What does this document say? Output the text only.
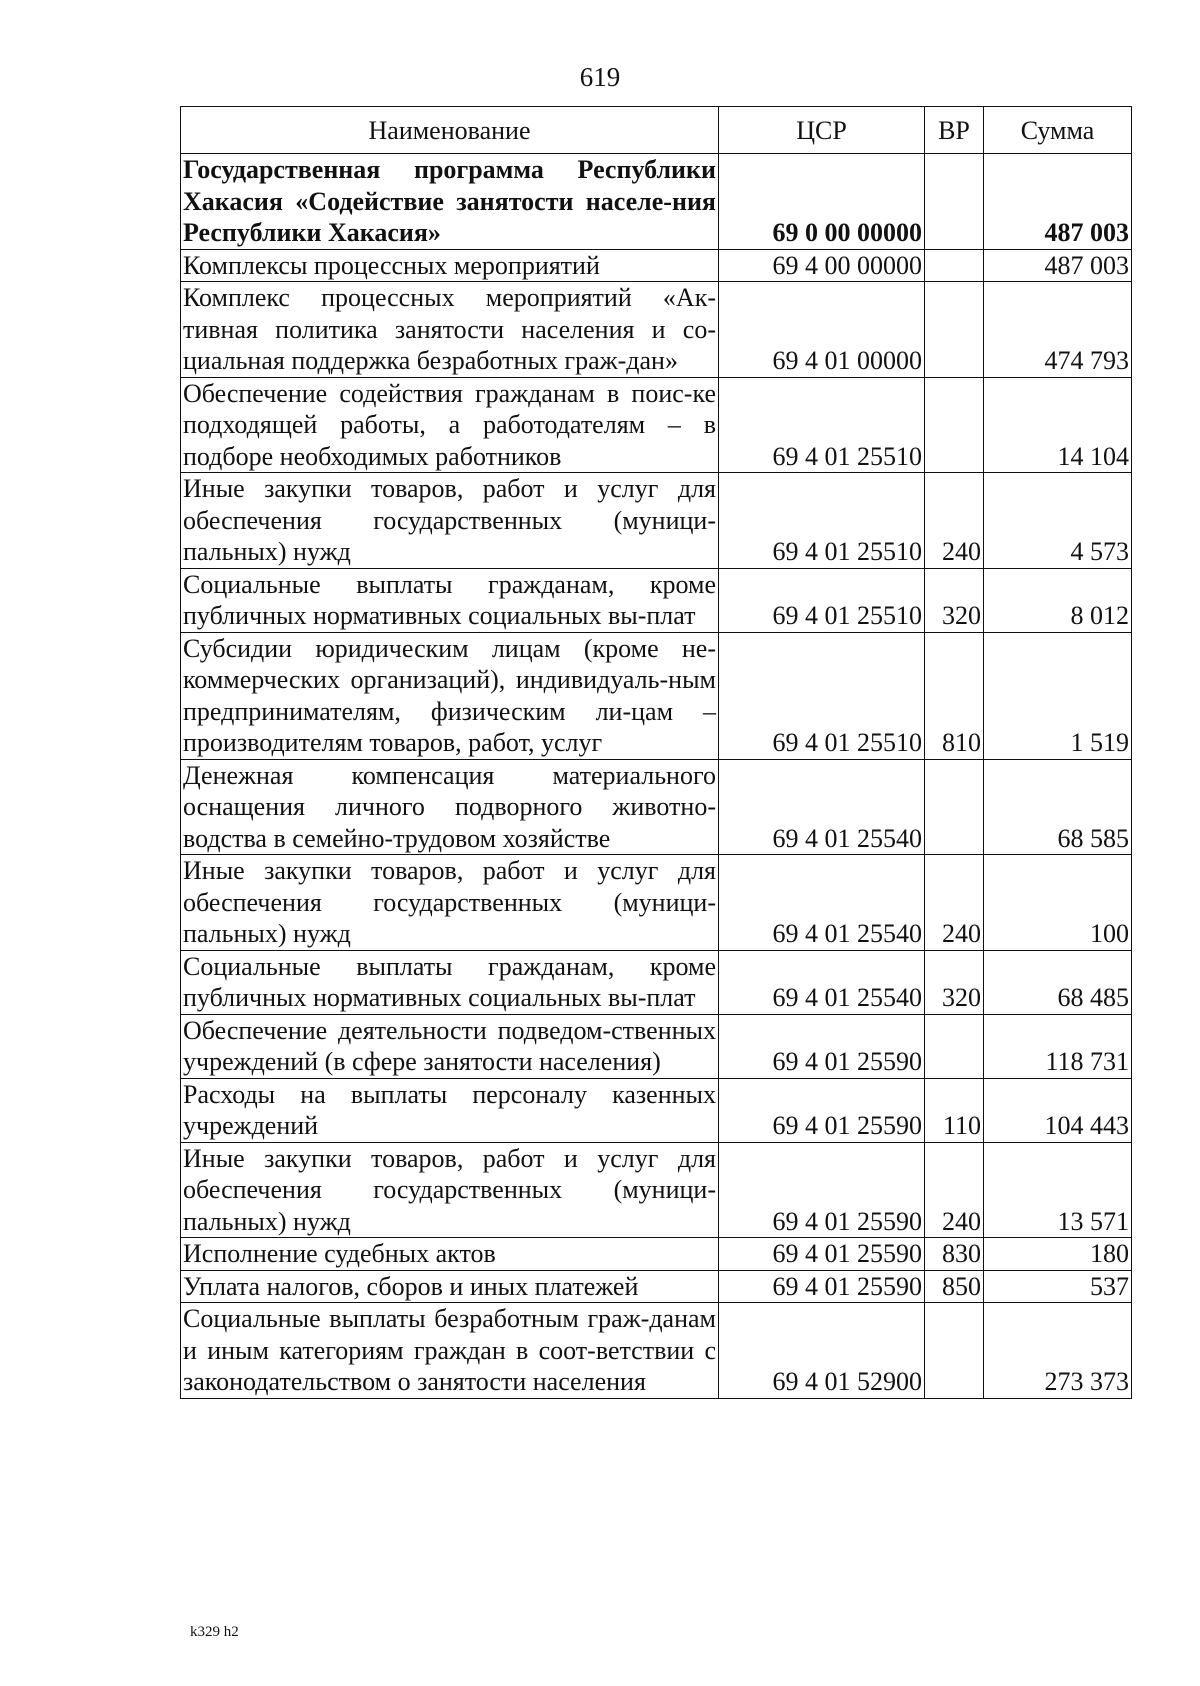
619
Наименование	ЦСР	ВР	Сумма
Государственная программа Республики Хакасия «Содействие занятости населе-ния Республики Хакасия»	69 0 00 00000		487 003
Комплексы процессных мероприятий	69 4 00 00000		487 003
Комплекс процессных мероприятий «Ак-тивная политика занятости населения и со-циальная поддержка безработных граж-дан»	69 4 01 00000		474 793
Обеспечение содействия гражданам в поис-ке подходящей работы, а работодателям – в подборе необходимых работников	69 4 01 25510		14 104
Иные закупки товаров, работ и услуг для обеспечения государственных (муници-пальных) нужд	69 4 01 25510	240	4 573
Социальные выплаты гражданам, кроме публичных нормативных социальных вы-плат	69 4 01 25510	320	8 012
Субсидии юридическим лицам (кроме не-коммерческих организаций), индивидуаль-ным предпринимателям, физическим ли-цам – производителям товаров, работ, услуг	69 4 01 25510	810	1 519
Денежная компенсация материального оснащения личного подворного животно-водства в семейно-трудовом хозяйстве	69 4 01 25540		68 585
Иные закупки товаров, работ и услуг для обеспечения государственных (муници-пальных) нужд	69 4 01 25540	240	100
Социальные выплаты гражданам, кроме публичных нормативных социальных вы-плат	69 4 01 25540	320	68 485
Обеспечение деятельности подведом-ственных учреждений (в сфере занятости населения)	69 4 01 25590		118 731
Расходы на выплаты персоналу казенных учреждений	69 4 01 25590	110	104 443
Иные закупки товаров, работ и услуг для обеспечения государственных (муници-пальных) нужд	69 4 01 25590	240	13 571
Исполнение судебных актов	69 4 01 25590	830	180
Уплата налогов, сборов и иных платежей	69 4 01 25590	850	537
Социальные выплаты безработным граж-данам и иным категориям граждан в соот-ветствии с законодательством о занятости населения	69 4 01 52900		273 373
k329 h2
